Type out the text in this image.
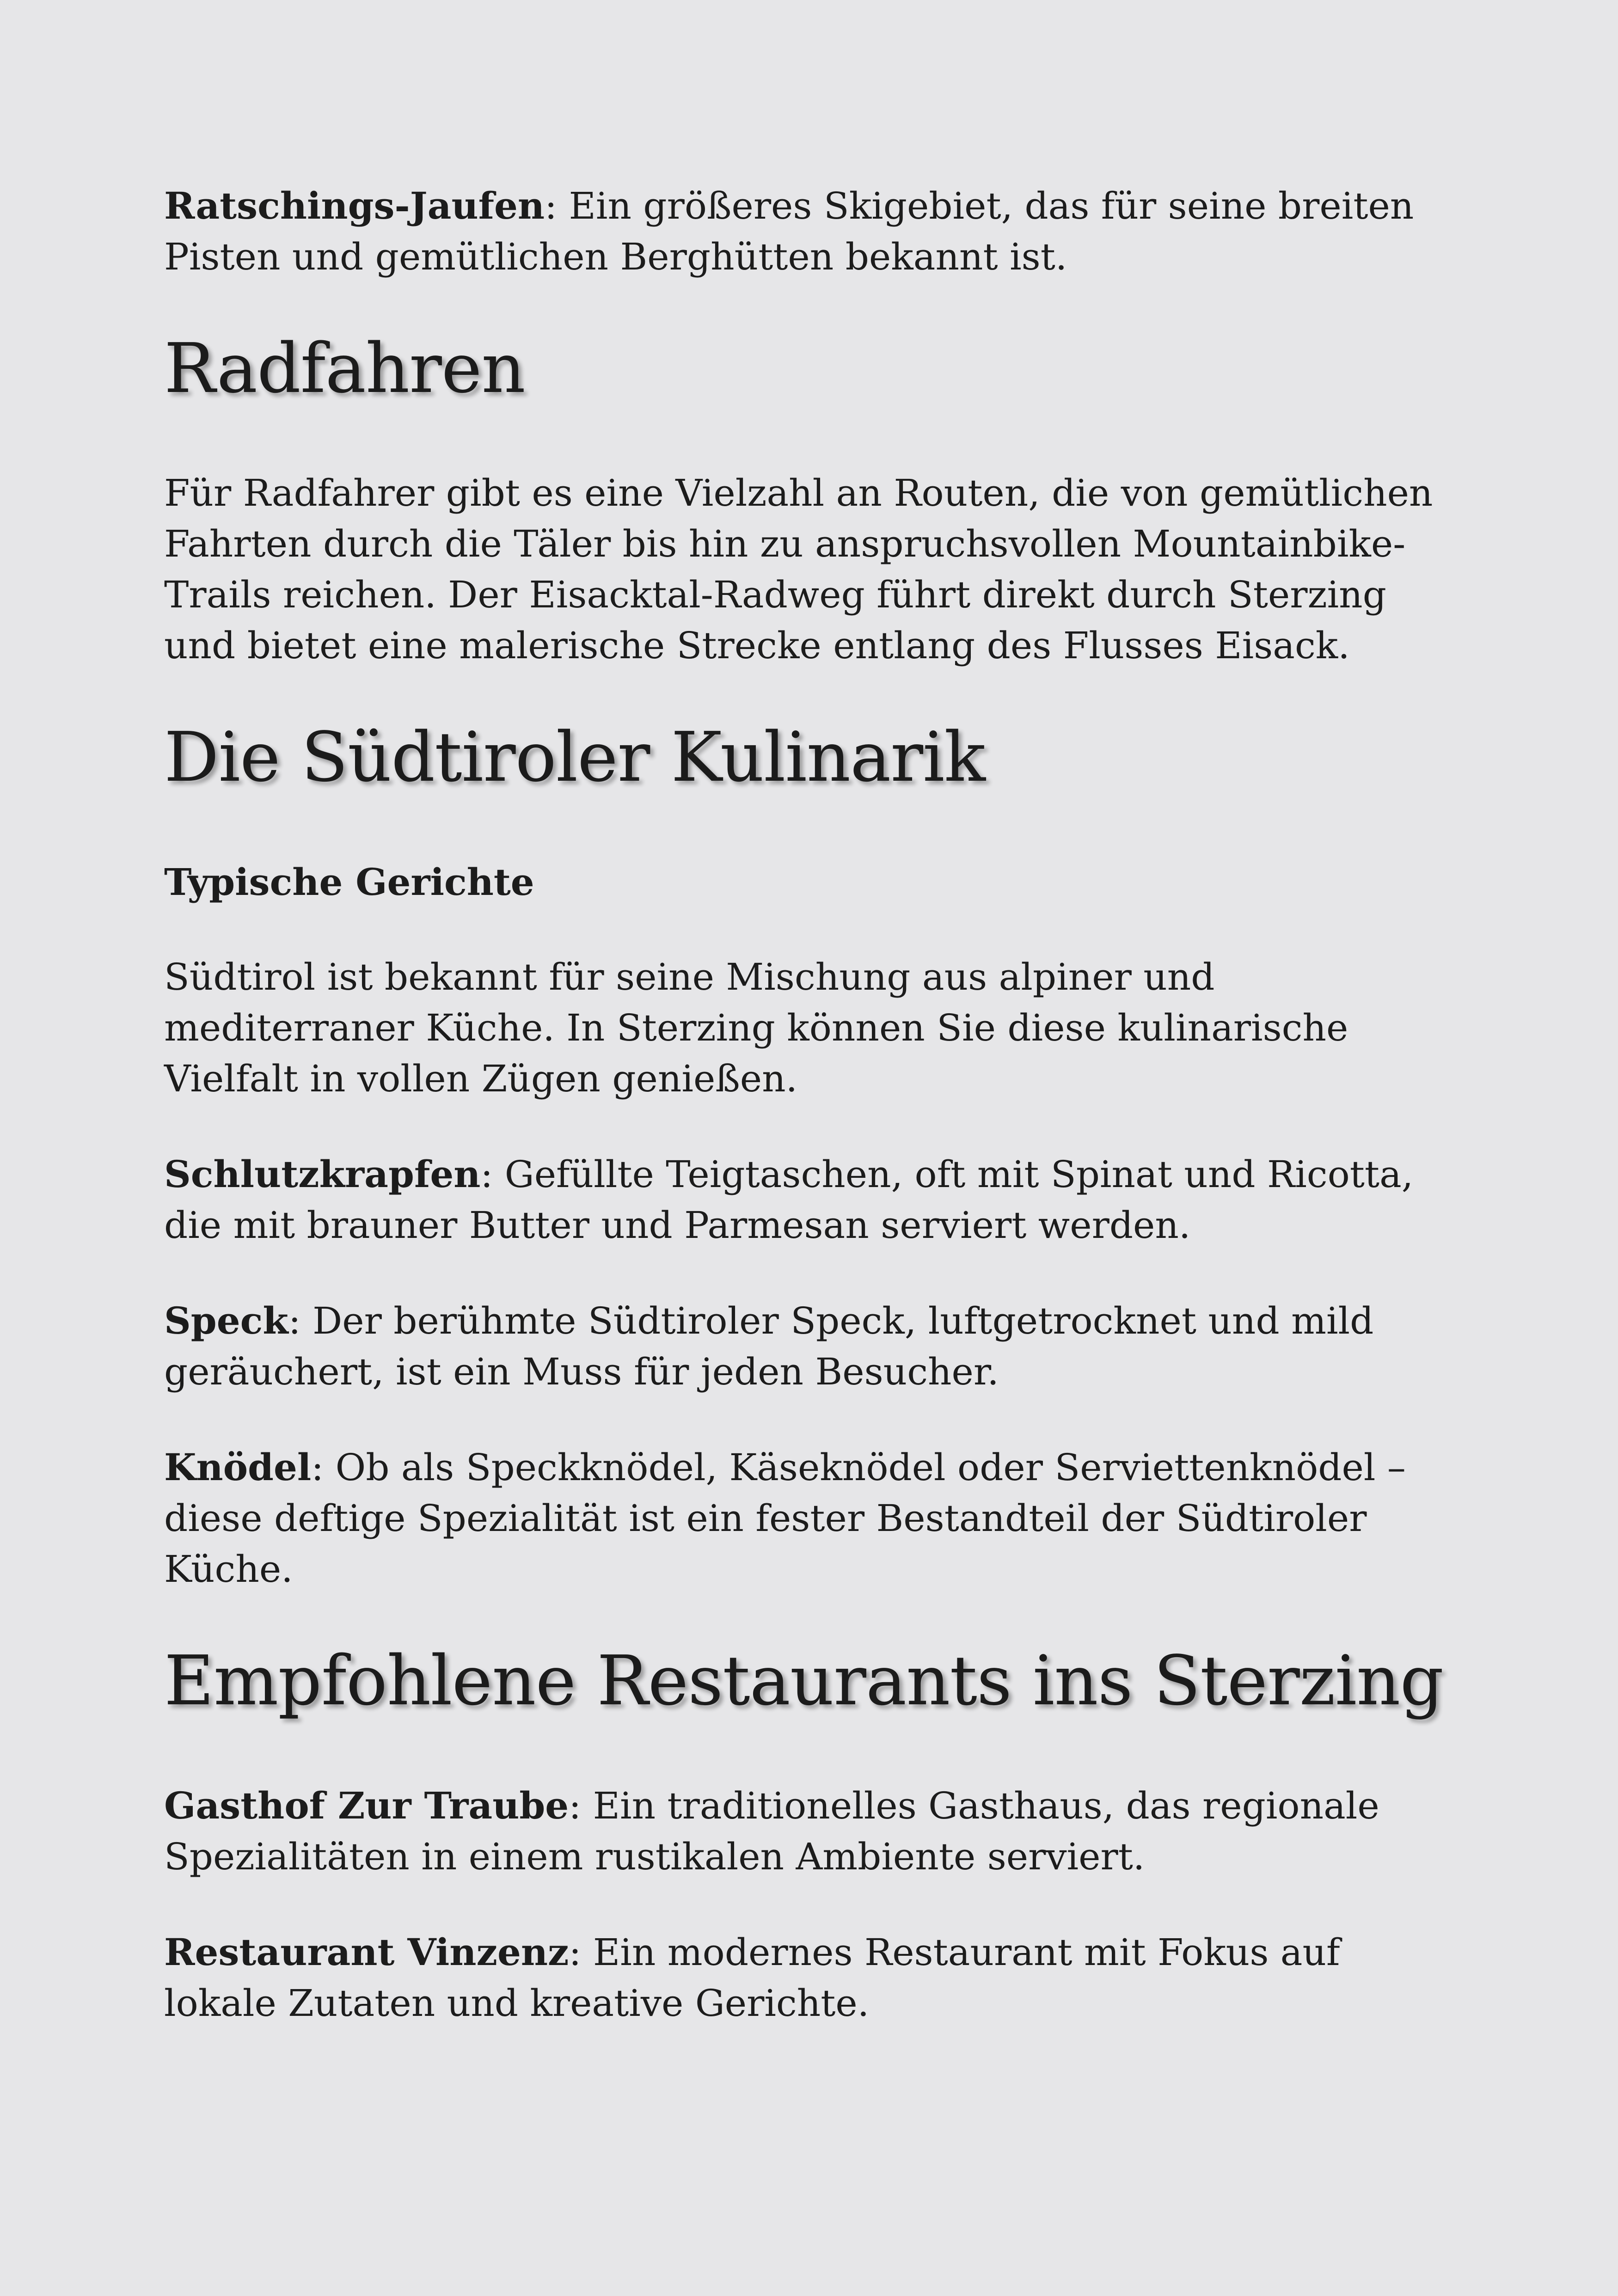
Ratschings-Jaufen: Ein größeres Skigebiet, das für seine breiten Pisten und gemütlichen Berghütten bekannt ist.

Radfahren

Für Radfahrer gibt es eine Vielzahl an Routen, die von gemütlichen Fahrten durch die Täler bis hin zu anspruchsvollen Mountainbike-Trails reichen. Der Eisacktal-Radweg führt direkt durch Sterzing und bietet eine malerische Strecke entlang des Flusses Eisack.

Die Südtiroler Kulinarik
Typische Gerichte

Südtirol ist bekannt für seine Mischung aus alpiner und mediterraner Küche. In Sterzing können Sie diese kulinarische Vielfalt in vollen Zügen genießen.

Schlutzkrapfen: Gefüllte Teigtaschen, oft mit Spinat und Ricotta, die mit brauner Butter und Parmesan serviert werden.

Speck: Der berühmte Südtiroler Speck, luftgetrocknet und mild geräuchert, ist ein Muss für jeden Besucher.

Knödel: Ob als Speckknödel, Käseknödel oder Serviettenknödel – diese deftige Spezialität ist ein fester Bestandteil der Südtiroler Küche.

Empfohlene Restaurants ins Sterzing

Gasthof Zur Traube: Ein traditionelles Gasthaus, das regionale Spezialitäten in einem rustikalen Ambiente serviert.

Restaurant Vinzenz: Ein modernes Restaurant mit Fokus auf lokale Zutaten und kreative Gerichte.
